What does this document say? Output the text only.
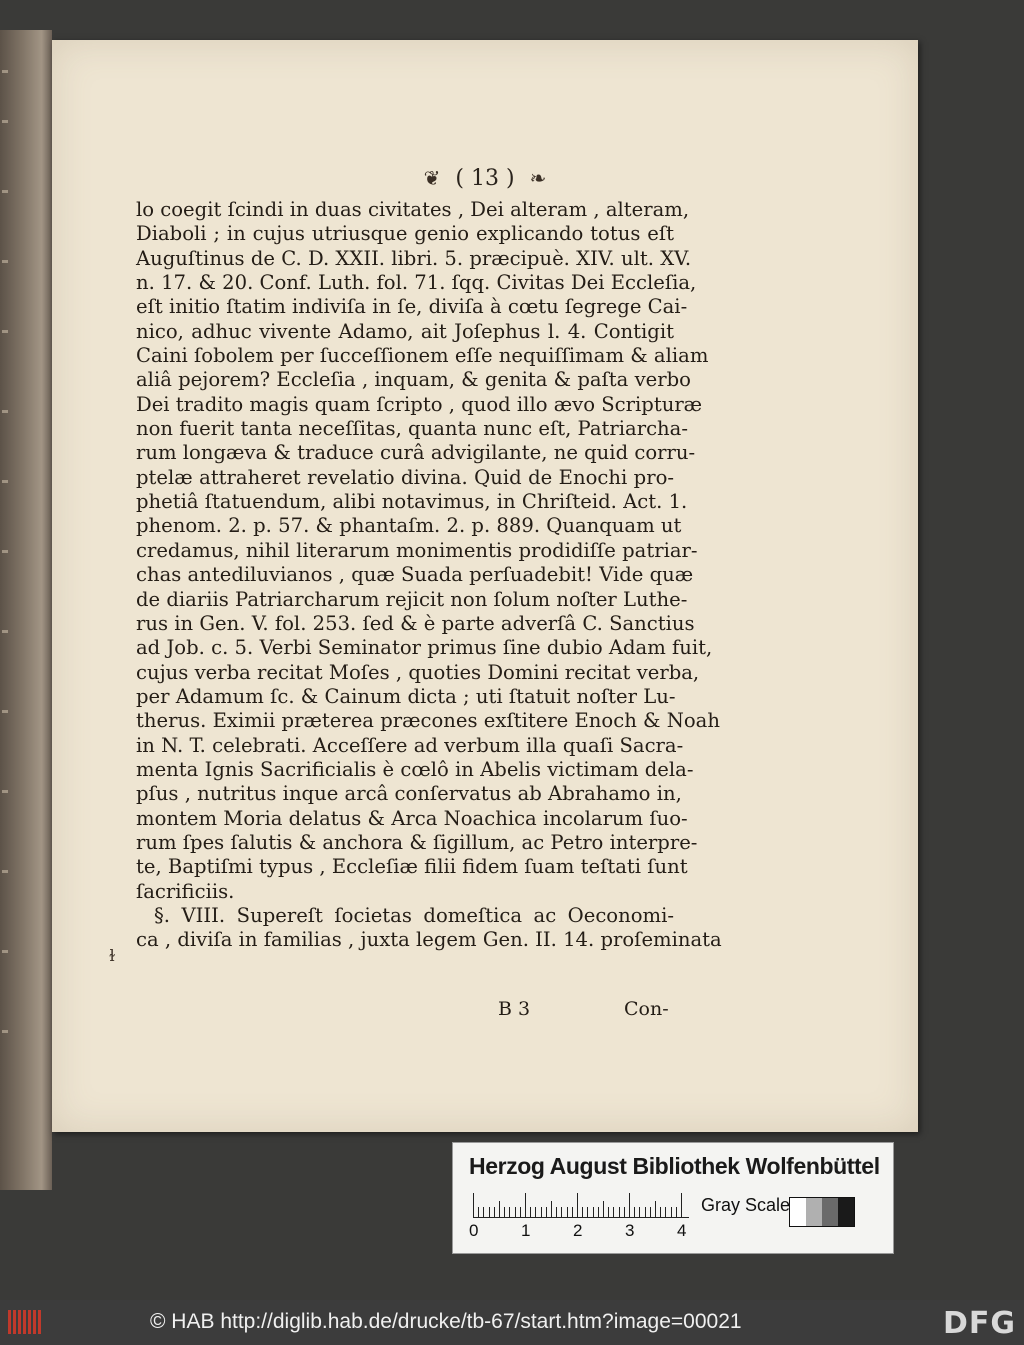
❦ ( 13 ) ❧
lo coegit ſcindi in duas civitates , Dei alteram , alteram,
Diaboli ; in cujus utriusque genio explicando totus eſt
Auguſtinus de C. D. XXII. libri. 5. præcipuè. XIV. ult. XV.
n. 17. & 20. Conf. Luth. fol. 71. ſqq. Civitas Dei Eccleſia,
eſt initio ſtatim indiviſa in ſe, diviſa à cœtu ſegrege Cai-
nico, adhuc vivente Adamo, ait Joſephus l. 4. Contigit
Caini ſobolem per ſucceſſionem eſſe nequiſſimam & aliam
aliâ pejorem? Eccleſia , inquam, & genita & paſta verbo
Dei tradito magis quam ſcripto , quod illo ævo Scripturæ
non fuerit tanta neceſſitas, quanta nunc eſt, Patriarcha-
rum longæva & traduce curâ advigilante, ne quid corru-
ptelæ attraheret revelatio divina. Quid de Enochi pro-
phetiâ ſtatuendum, alibi notavimus, in Chriſteid. Act. 1.
phenom. 2. p. 57. & phantaſm. 2. p. 889. Quanquam ut
credamus, nihil literarum monimentis prodidiſſe patriar-
chas antediluvianos , quæ Suada perſuadebit! Vide quæ
de diariis Patriarcharum rejicit non ſolum noſter Luthe-
rus in Gen. V. fol. 253. ſed & è parte adverſâ C. Sanctius
ad Job. c. 5. Verbi Seminator primus ſine dubio Adam fuit,
cujus verba recitat Moſes , quoties Domini recitat verba,
per Adamum ſc. & Cainum dicta ; uti ſtatuit noſter Lu-
therus. Eximii præterea præcones exſtitere Enoch & Noah
in N. T. celebrati. Acceſſere ad verbum illa quaſi Sacra-
menta Ignis Sacrificialis è cœlô in Abelis victimam dela-
pſus , nutritus inque arcâ conſervatus ab Abrahamo in,
montem Moria delatus & Arca Noachica incolarum ſuo-
rum ſpes ſalutis & anchora & ſigillum, ac Petro interpre-
te, Baptiſmi typus , Eccleſiæ filii fidem ſuam teſtati ſunt
ſacrificiis.
§. VIII. Supereſt ſocietas domeſtica ac Oeconomi-
ca , diviſa in familias , juxta legem Gen. II. 14. proſeminata
ɫ
B 3	Con-
Herzog August Bibliothek Wolfenbüttel
0	1	2	3	4
Gray Scale
© HAB http://diglib.hab.de/drucke/tb-67/start.htm?image=00021	DFG
